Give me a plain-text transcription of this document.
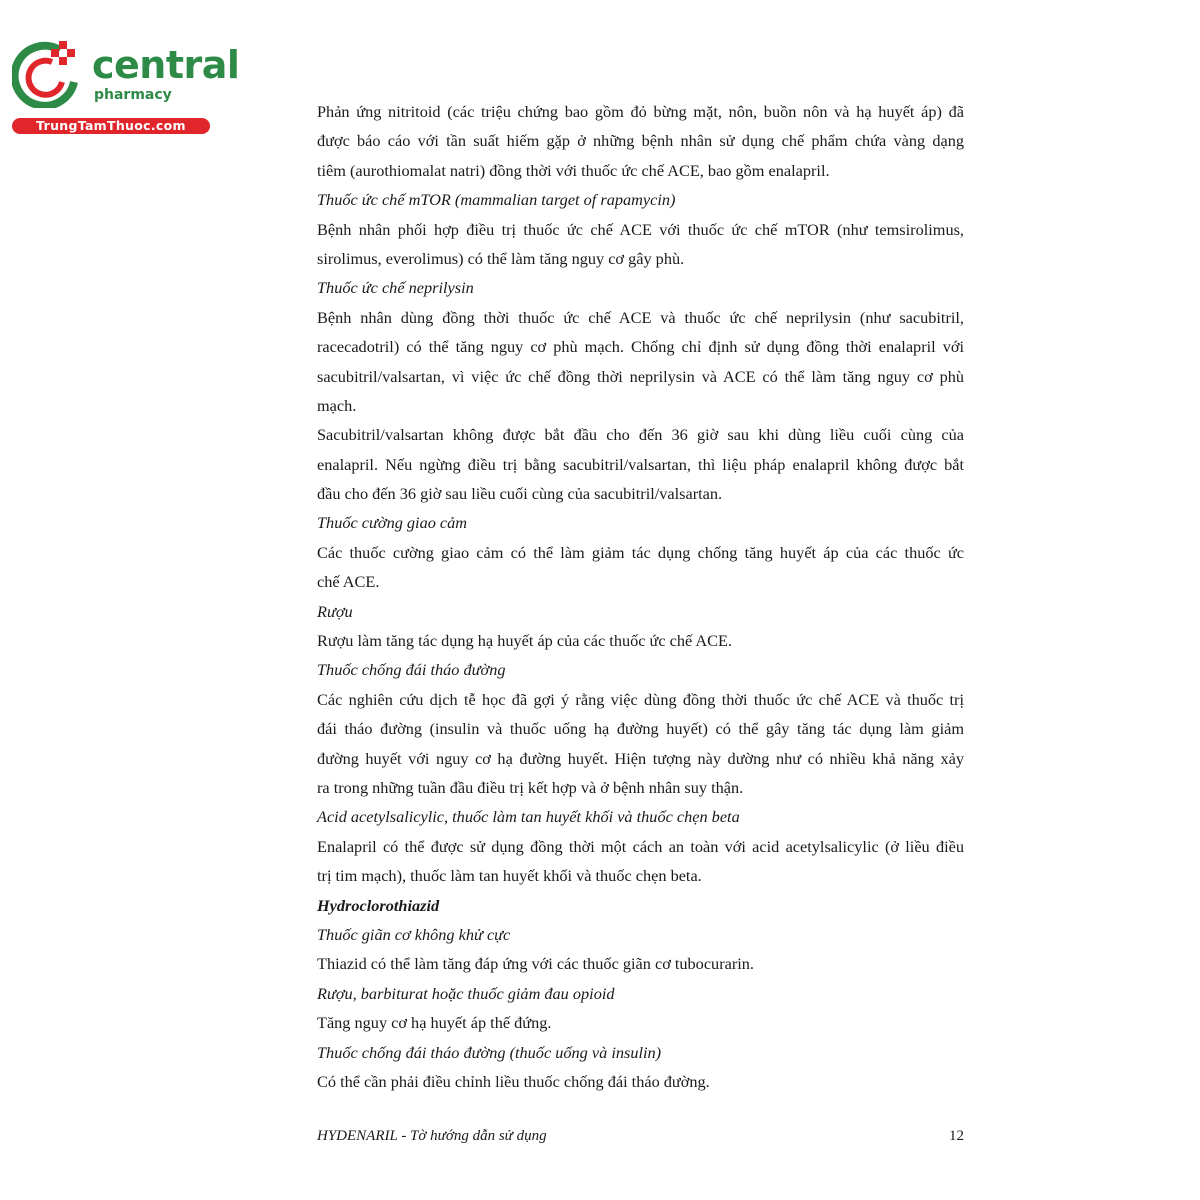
central
pharmacy
TrungTamThuoc.com
Phản ứng nitritoid (các triệu chứng bao gồm đỏ bừng mặt, nôn, buồn nôn và hạ huyết áp) đã
được báo cáo với tần suất hiếm gặp ở những bệnh nhân sử dụng chế phẩm chứa vàng dạng
tiêm (aurothiomalat natri) đồng thời với thuốc ức chế ACE, bao gồm enalapril.
Thuốc ức chế mTOR (mammalian target of rapamycin)
Bệnh nhân phối hợp điều trị thuốc ức chế ACE với thuốc ức chế mTOR (như temsirolimus,
sirolimus, everolimus) có thể làm tăng nguy cơ gây phù.
Thuốc ức chế neprilysin
Bệnh nhân dùng đồng thời thuốc ức chế ACE và thuốc ức chế neprilysin (như sacubitril,
racecadotril) có thể tăng nguy cơ phù mạch. Chống chỉ định sử dụng đồng thời enalapril với
sacubitril/valsartan, vì việc ức chế đồng thời neprilysin và ACE có thể làm tăng nguy cơ phù
mạch.
Sacubitril/valsartan không được bắt đầu cho đến 36 giờ sau khi dùng liều cuối cùng của
enalapril. Nếu ngừng điều trị bằng sacubitril/valsartan, thì liệu pháp enalapril không được bắt
đầu cho đến 36 giờ sau liều cuối cùng của sacubitril/valsartan.
Thuốc cường giao cảm
Các thuốc cường giao cảm có thể làm giảm tác dụng chống tăng huyết áp của các thuốc ức
chế ACE.
Rượu
Rượu làm tăng tác dụng hạ huyết áp của các thuốc ức chế ACE.
Thuốc chống đái tháo đường
Các nghiên cứu dịch tễ học đã gợi ý rằng việc dùng đồng thời thuốc ức chế ACE và thuốc trị
đái tháo đường (insulin và thuốc uống hạ đường huyết) có thể gây tăng tác dụng làm giảm
đường huyết với nguy cơ hạ đường huyết. Hiện tượng này dường như có nhiều khả năng xảy
ra trong những tuần đầu điều trị kết hợp và ở bệnh nhân suy thận.
Acid acetylsalicylic, thuốc làm tan huyết khối và thuốc chẹn beta
Enalapril có thể được sử dụng đồng thời một cách an toàn với acid acetylsalicylic (ở liều điều
trị tim mạch), thuốc làm tan huyết khối và thuốc chẹn beta.
Hydroclorothiazid
Thuốc giãn cơ không khử cực
Thiazid có thể làm tăng đáp ứng với các thuốc giãn cơ tubocurarin.
Rượu, barbiturat hoặc thuốc giảm đau opioid
Tăng nguy cơ hạ huyết áp thế đứng.
Thuốc chống đái tháo đường (thuốc uống và insulin)
Có thể cần phải điều chỉnh liều thuốc chống đái tháo đường.
HYDENARIL - Tờ hướng dẫn sử dụng	12
